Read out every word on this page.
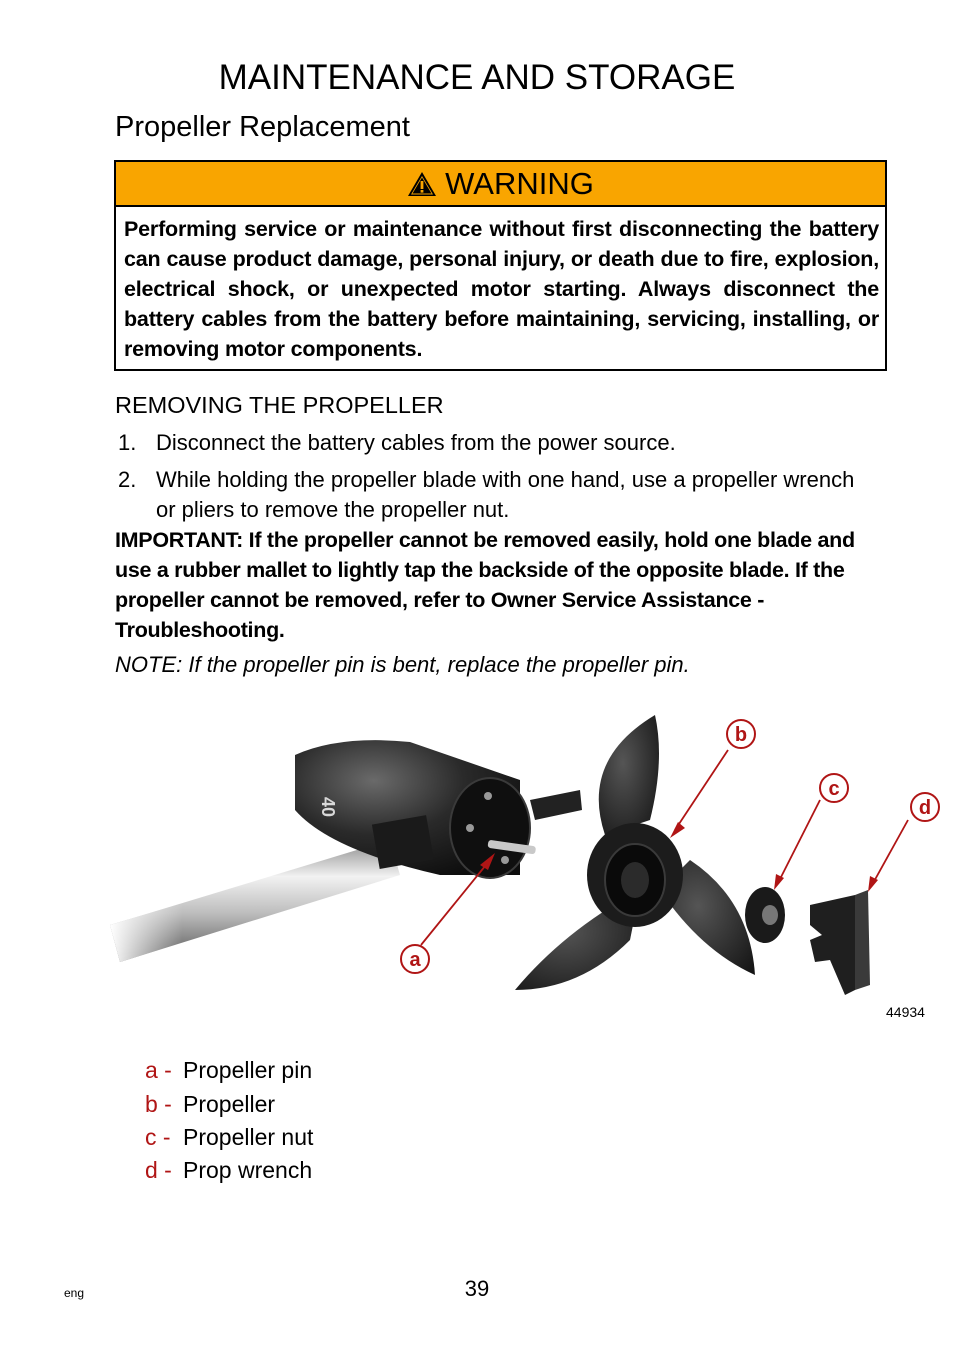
MAINTENANCE AND STORAGE
Propeller Replacement
WARNING
Performing service or maintenance without first disconnecting the battery can cause product damage, personal injury, or death due to fire, explosion, electrical shock, or unexpected motor starting. Always disconnect the battery cables from the battery before maintaining, servicing, installing, or removing motor components.
REMOVING THE PROPELLER
1. Disconnect the battery cables from the power source.
2. While holding the propeller blade with one hand, use a propeller wrench or pliers to remove the propeller nut.
IMPORTANT: If the propeller cannot be removed easily, hold one blade and use a rubber mallet to lightly tap the backside of the opposite blade. If the propeller cannot be removed, refer to Owner Service Assistance - Troubleshooting.
NOTE: If the propeller pin is bent, replace the propeller pin.
40
a
b
c
d
44934
a - Propeller pin
b - Propeller
c - Propeller nut
d - Prop wrench
eng	39
